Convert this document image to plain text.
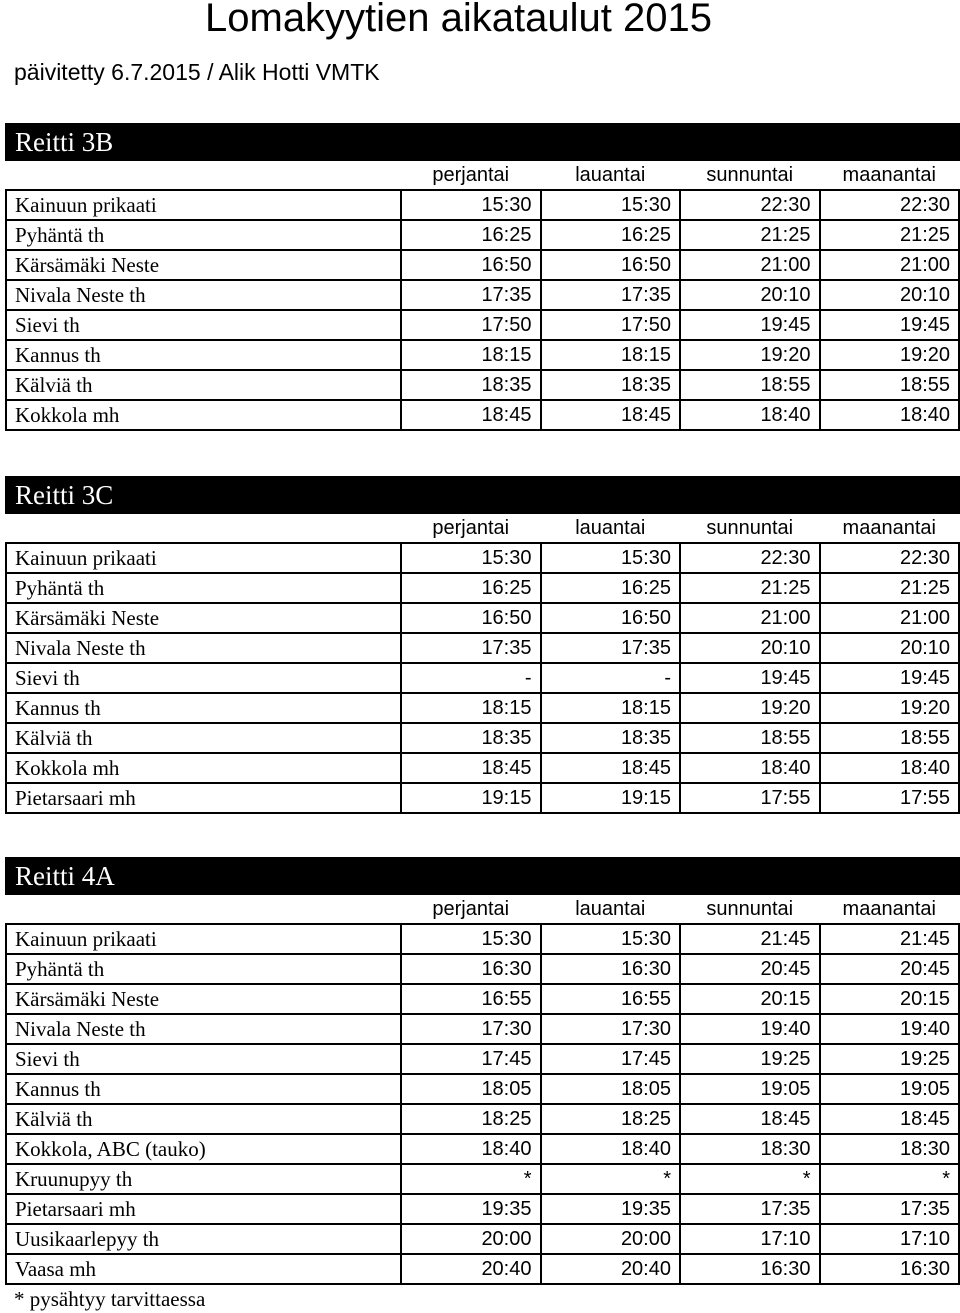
Lomakyytien aikataulut 2015

päivitetty 6.7.2015 / Alik Hotti VMTK

Reitti 3B				
	perjantai	lauantai	sunnuntai	maanantai
Kainuun prikaati	15:30	15:30	22:30	22:30
Pyhäntä th	16:25	16:25	21:25	21:25
Kärsämäki Neste	16:50	16:50	21:00	21:00
Nivala Neste th	17:35	17:35	20:10	20:10
Sievi th	17:50	17:50	19:45	19:45
Kannus th	18:15	18:15	19:20	19:20
Kälviä th	18:35	18:35	18:55	18:55
Kokkola mh	18:45	18:45	18:40	18:40
Reitti 3C				
	perjantai	lauantai	sunnuntai	maanantai
Kainuun prikaati	15:30	15:30	22:30	22:30
Pyhäntä th	16:25	16:25	21:25	21:25
Kärsämäki Neste	16:50	16:50	21:00	21:00
Nivala Neste th	17:35	17:35	20:10	20:10
Sievi th	-	-	19:45	19:45
Kannus th	18:15	18:15	19:20	19:20
Kälviä th	18:35	18:35	18:55	18:55
Kokkola mh	18:45	18:45	18:40	18:40
Pietarsaari mh	19:15	19:15	17:55	17:55
Reitti 4A				
	perjantai	lauantai	sunnuntai	maanantai
Kainuun prikaati	15:30	15:30	21:45	21:45
Pyhäntä th	16:30	16:30	20:45	20:45
Kärsämäki Neste	16:55	16:55	20:15	20:15
Nivala Neste th	17:30	17:30	19:40	19:40
Sievi th	17:45	17:45	19:25	19:25
Kannus th	18:05	18:05	19:05	19:05
Kälviä th	18:25	18:25	18:45	18:45
Kokkola, ABC (tauko)	18:40	18:40	18:30	18:30
Kruunupyy th	*	*	*	*
Pietarsaari mh	19:35	19:35	17:35	17:35
Uusikaarlepyy th	20:00	20:00	17:10	17:10
Vaasa mh	20:40	20:40	16:30	16:30
* pysähtyy tarvittaessa				
